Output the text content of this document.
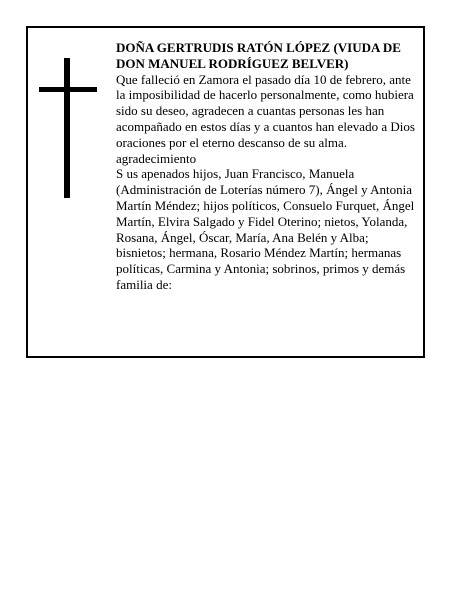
DOÑA GERTRUDIS RATÓN LÓPEZ (VIUDA DE DON MANUEL RODRÍGUEZ BELVER)

Que falleció en Zamora el pasado día 10 de febrero, ante la imposibilidad de hacerlo personalmente, como hubiera sido su deseo, agradecen a cuantas personas les han acompañado en estos días y a cuantos han elevado a Dios oraciones por el eterno descanso de su alma.

agradecimiento

S us apenados hijos, Juan Francisco, Manuela (Administración de Loterías número 7), Ángel y Antonia Martín Méndez; hijos políticos, Consuelo Furquet, Ángel Martín, Elvira Salgado y Fidel Oterino; nietos, Yolanda, Rosana, Ángel, Óscar, María, Ana Belén y Alba; bisnietos; hermana, Rosario Méndez Martín; hermanas políticas, Carmina y Antonia; sobrinos, primos y demás familia de:
